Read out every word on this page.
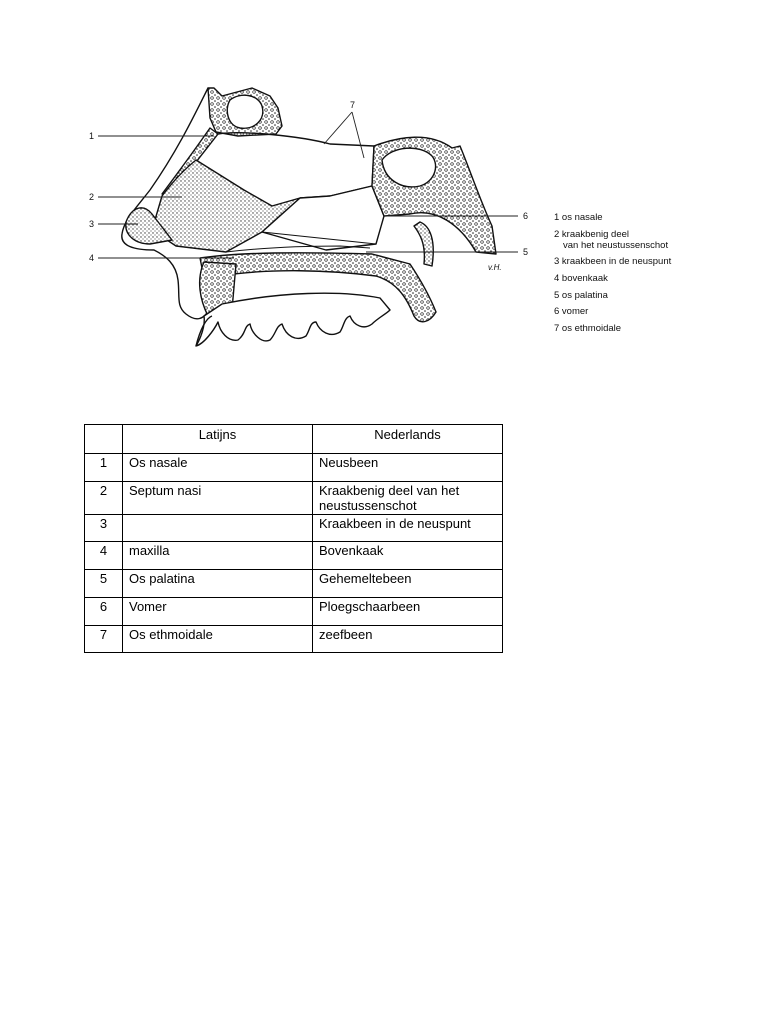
1
2
3
4
5
6
7
v.H.
1 os nasale
2 kraakbenig deel
van het neustussenschot
3 kraakbeen in de neuspunt
4 bovenkaak
5 os palatina
6 vomer
7 os ethmoidale
	Latijns	Nederlands
1	Os nasale	Neusbeen
2	Septum nasi	Kraakbenig deel van het neustussenschot
3		Kraakbeen in de neuspunt
4	maxilla	Bovenkaak
5	Os palatina	Gehemeltebeen
6	Vomer	Ploegschaarbeen
7	Os ethmoidale	zeefbeen
